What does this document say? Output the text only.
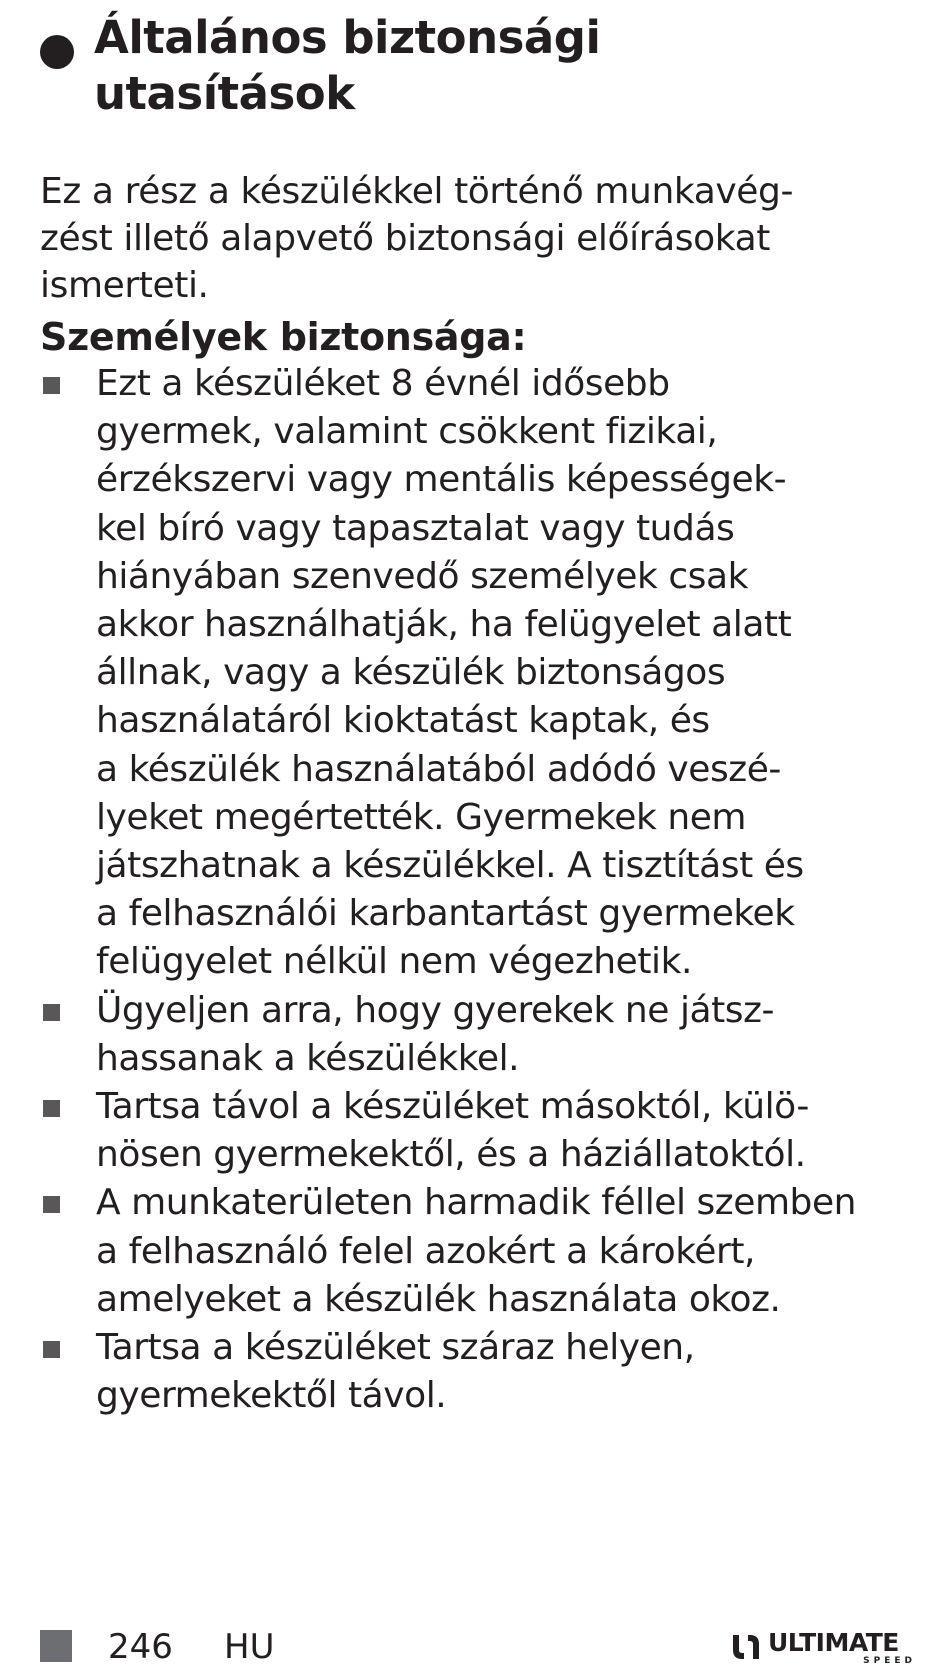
Általános biztonsági
utasítások
Ez a rész a készülékkel történő munkavég-
zést illető alapvető biztonsági előírásokat
ismerteti.
Személyek biztonsága:
Ezt a készüléket 8 évnél idősebb
gyermek, valamint csökkent fizikai,
érzékszervi vagy mentális képességek-
kel bíró vagy tapasztalat vagy tudás
hiányában szenvedő személyek csak
akkor használhatják, ha felügyelet alatt
állnak, vagy a készülék biztonságos
használatáról kioktatást kaptak, és
a készülék használatából adódó veszé-
lyeket megértették. Gyermekek nem
játszhatnak a készülékkel. A tisztítást és
a felhasználói karbantartást gyermekek
felügyelet nélkül nem végezhetik.
Ügyeljen arra, hogy gyerekek ne játsz-
hassanak a készülékkel.
Tartsa távol a készüléket másoktól, külö-
nösen gyermekektől, és a háziállatoktól.
A munkaterületen harmadik féllel szemben
a felhasználó felel azokért a károkért,
amelyeket a készülék használata okoz.
Tartsa a készüléket száraz helyen,
gyermekektől távol.
246 HU	ULTIMATE
SPEED
